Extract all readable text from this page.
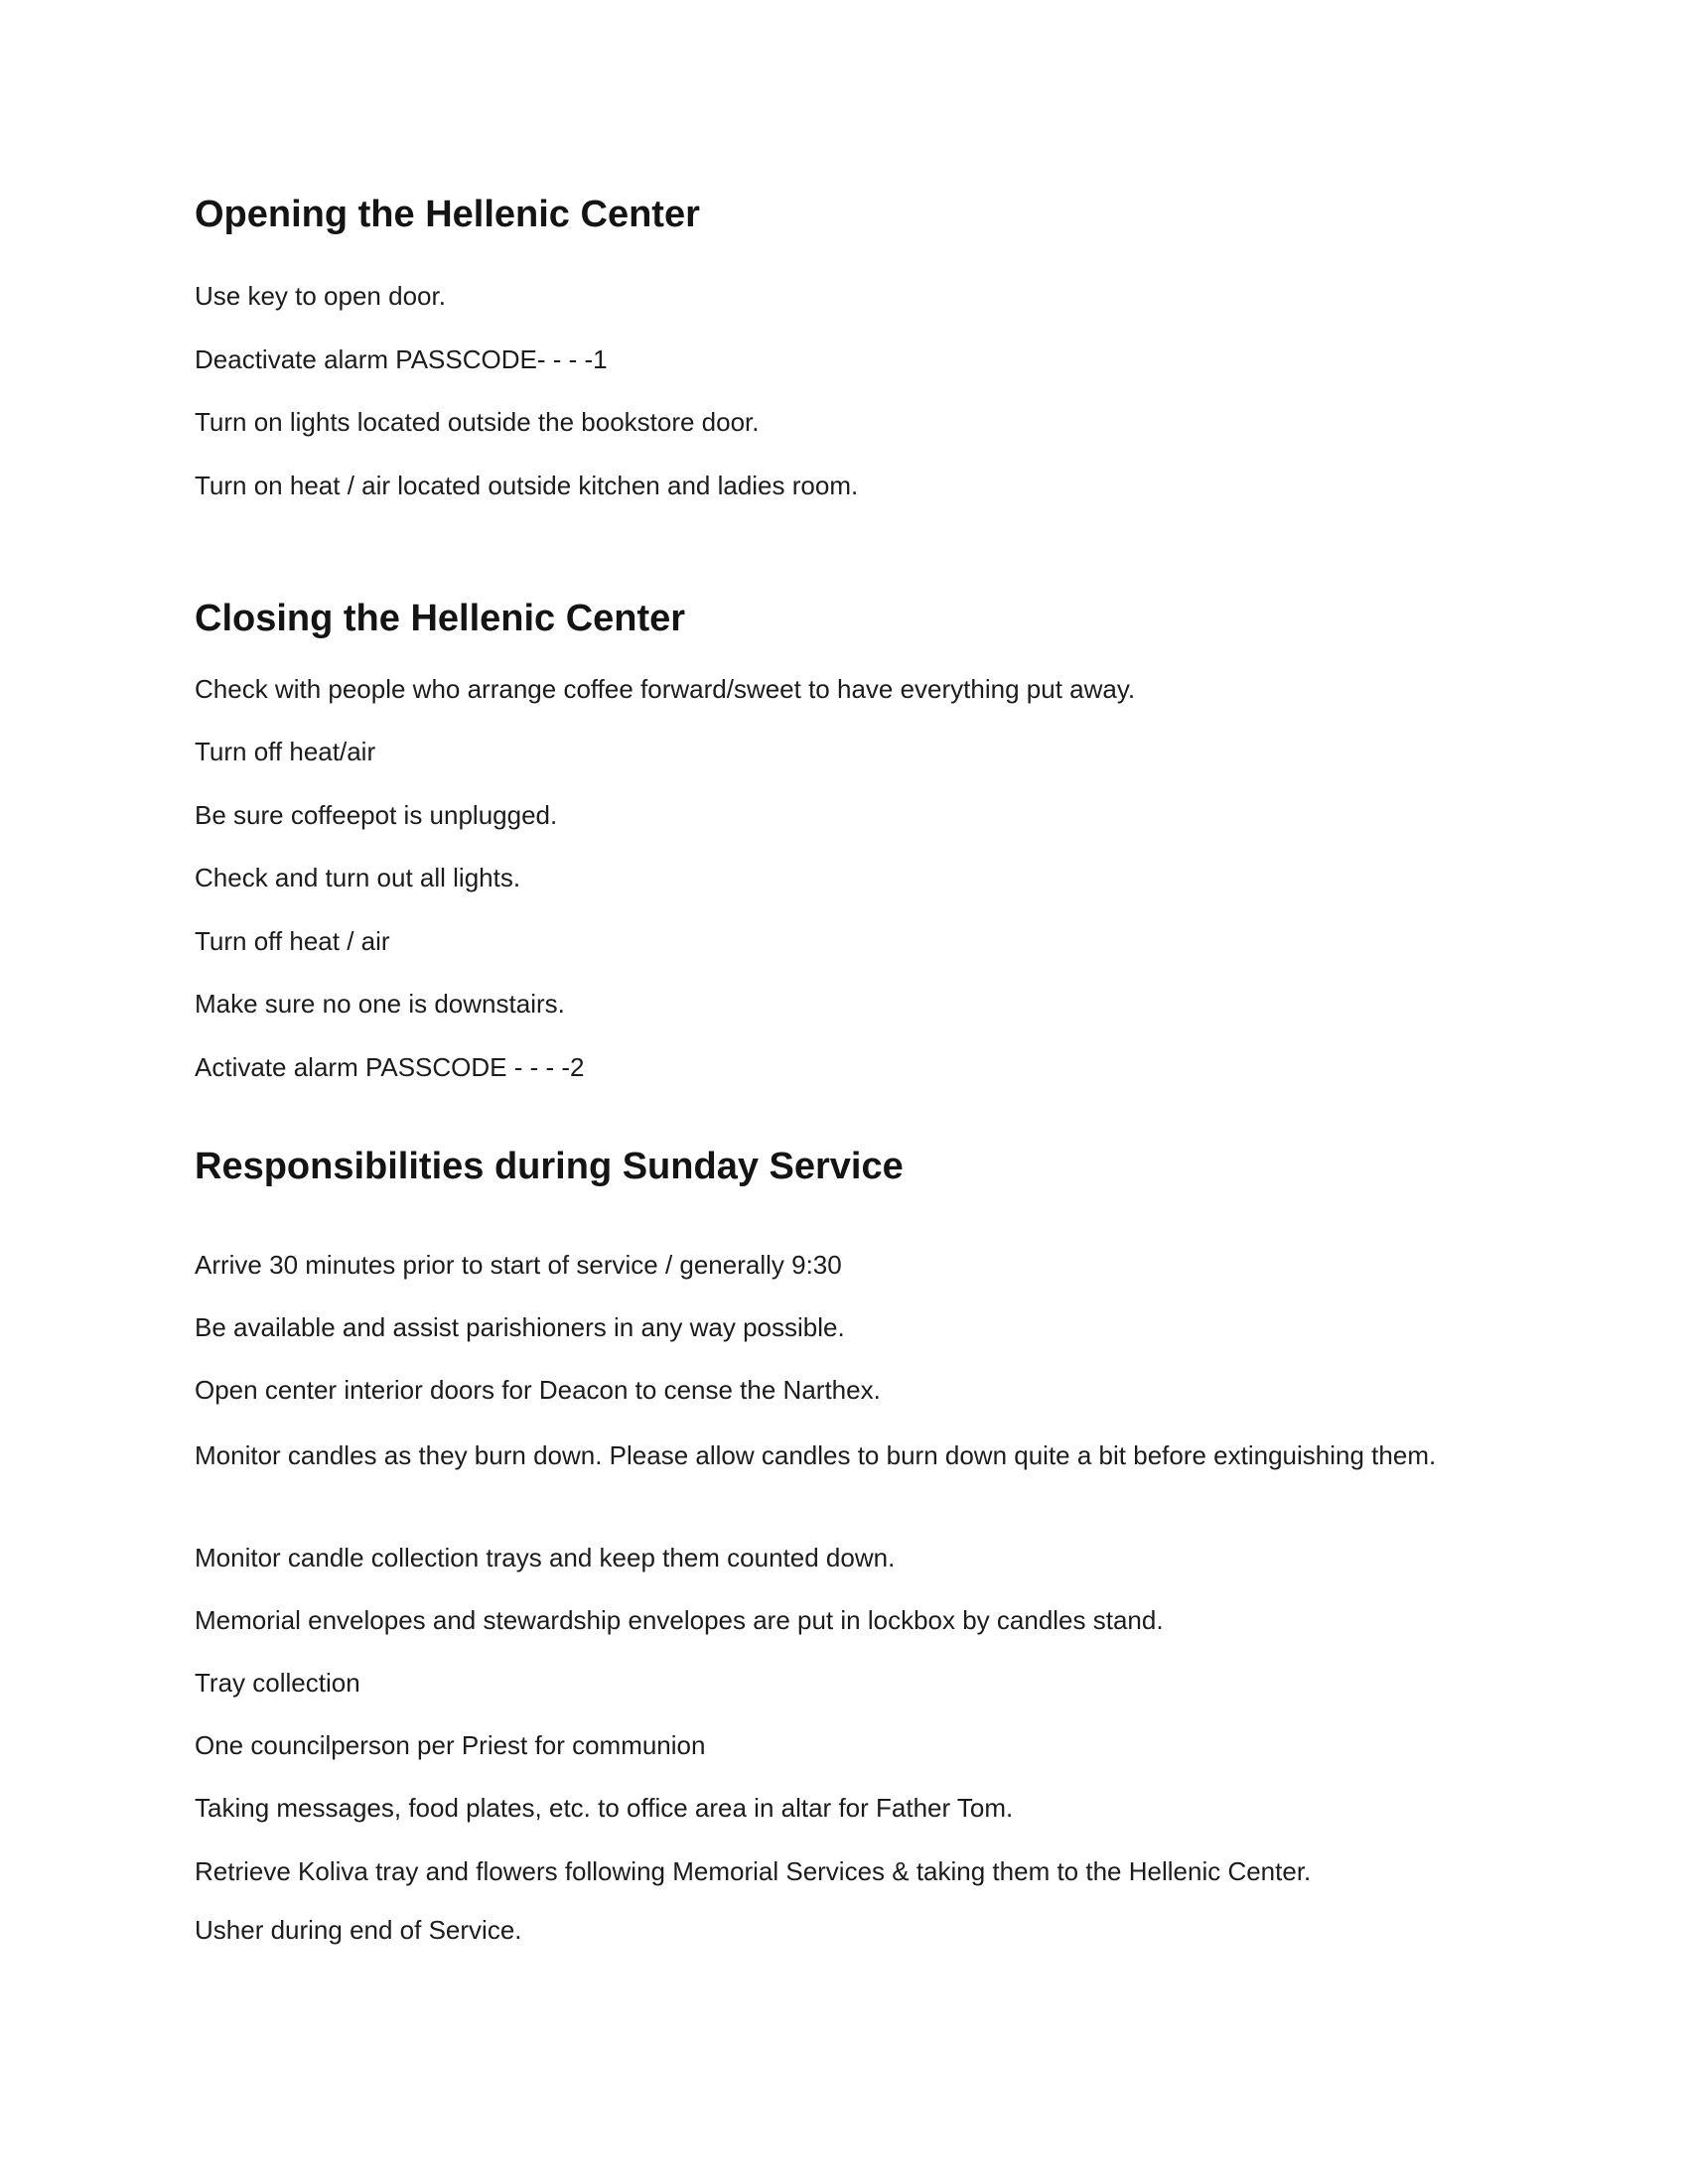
Opening the Hellenic Center

Use key to open door.

Deactivate alarm PASSCODE- - - -1

Turn on lights located outside the bookstore door.

Turn on heat / air located outside kitchen and ladies room.

Closing the Hellenic Center

Check with people who arrange coffee forward/sweet to have everything put away.

Turn off heat/air

Be sure coffeepot is unplugged.

Check and turn out all lights.

Turn off heat / air

Make sure no one is downstairs.

Activate alarm PASSCODE - - - -2

Responsibilities during Sunday Service

Arrive 30 minutes prior to start of service / generally 9:30

Be available and assist parishioners in any way possible.

Open center interior doors for Deacon to cense the Narthex.

Monitor candles as they burn down. Please allow candles to burn down quite a bit before extinguishing them.

Monitor candle collection trays and keep them counted down.

Memorial envelopes and stewardship envelopes are put in lockbox by candles stand.

Tray collection

One councilperson per Priest for communion

Taking messages, food plates, etc. to office area in altar for Father Tom.

Retrieve Koliva tray and flowers following Memorial Services & taking them to the Hellenic Center.

Usher during end of Service.
